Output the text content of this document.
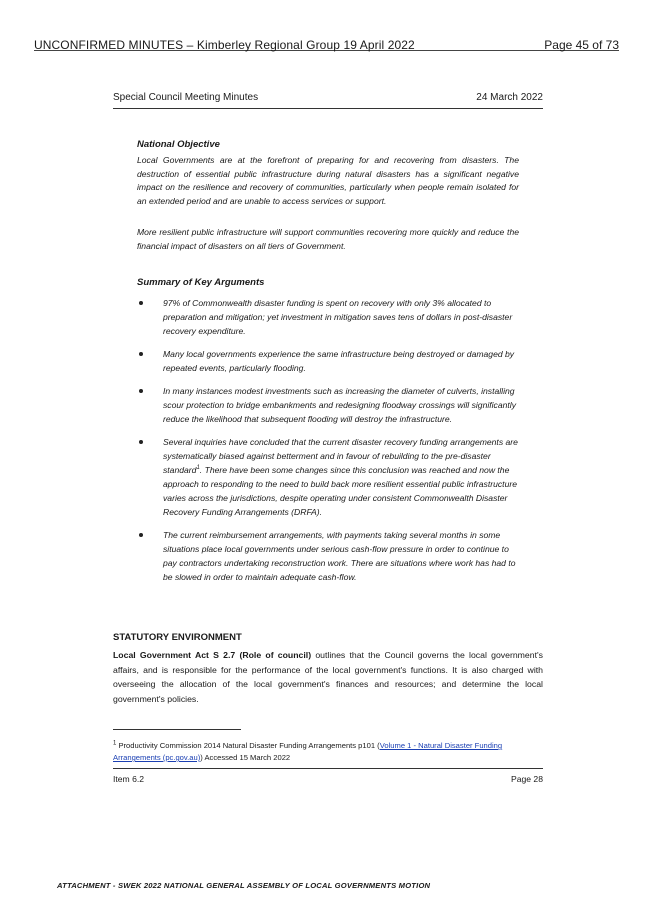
UNCONFIRMED MINUTES – Kimberley Regional Group 19 April 2022	Page 45 of 73
Special Council Meeting Minutes	24 March 2022
National Objective

Local Governments are at the forefront of preparing for and recovering from disasters. The destruction of essential public infrastructure during natural disasters has a significant negative impact on the resilience and recovery of communities, particularly when people remain isolated for an extended period and are unable to access services or support.

More resilient public infrastructure will support communities recovering more quickly and reduce the financial impact of disasters on all tiers of Government.

Summary of Key Arguments
97% of Commonwealth disaster funding is spent on recovery with only 3% allocated to preparation and mitigation; yet investment in mitigation saves tens of dollars in post-disaster recovery expenditure.
Many local governments experience the same infrastructure being destroyed or damaged by repeated events, particularly flooding.
In many instances modest investments such as increasing the diameter of culverts, installing scour protection to bridge embankments and redesigning floodway crossings will significantly reduce the likelihood that subsequent flooding will destroy the infrastructure.
Several inquiries have concluded that the current disaster recovery funding arrangements are systematically biased against betterment and in favour of rebuilding to the pre-disaster standard$^1$. There have been some changes since this conclusion was reached and now the approach to responding to the need to build back more resilient essential public infrastructure varies across the jurisdictions, despite operating under consistent Commonwealth Disaster Recovery Funding Arrangements (DRFA).
The current reimbursement arrangements, with payments taking several months in some situations place local governments under serious cash-flow pressure in order to continue to pay contractors undertaking reconstruction work. There are situations where work has had to be slowed in order to maintain adequate cash-flow.
STATUTORY ENVIRONMENT

Local Government Act S 2.7 (Role of council) outlines that the Council governs the local government's affairs, and is responsible for the performance of the local government's functions. It is also charged with overseeing the allocation of the local government's finances and resources; and determine the local government's policies.

$^1$ Productivity Commission 2014 Natural Disaster Funding Arrangements p101 (Volume 1 - Natural Disaster Funding Arrangements (pc.gov.au)) Accessed 15 March 2022

Item 6.2	Page 28
ATTACHMENT - SWEK 2022 NATIONAL GENERAL ASSEMBLY OF LOCAL GOVERNMENTS MOTION
